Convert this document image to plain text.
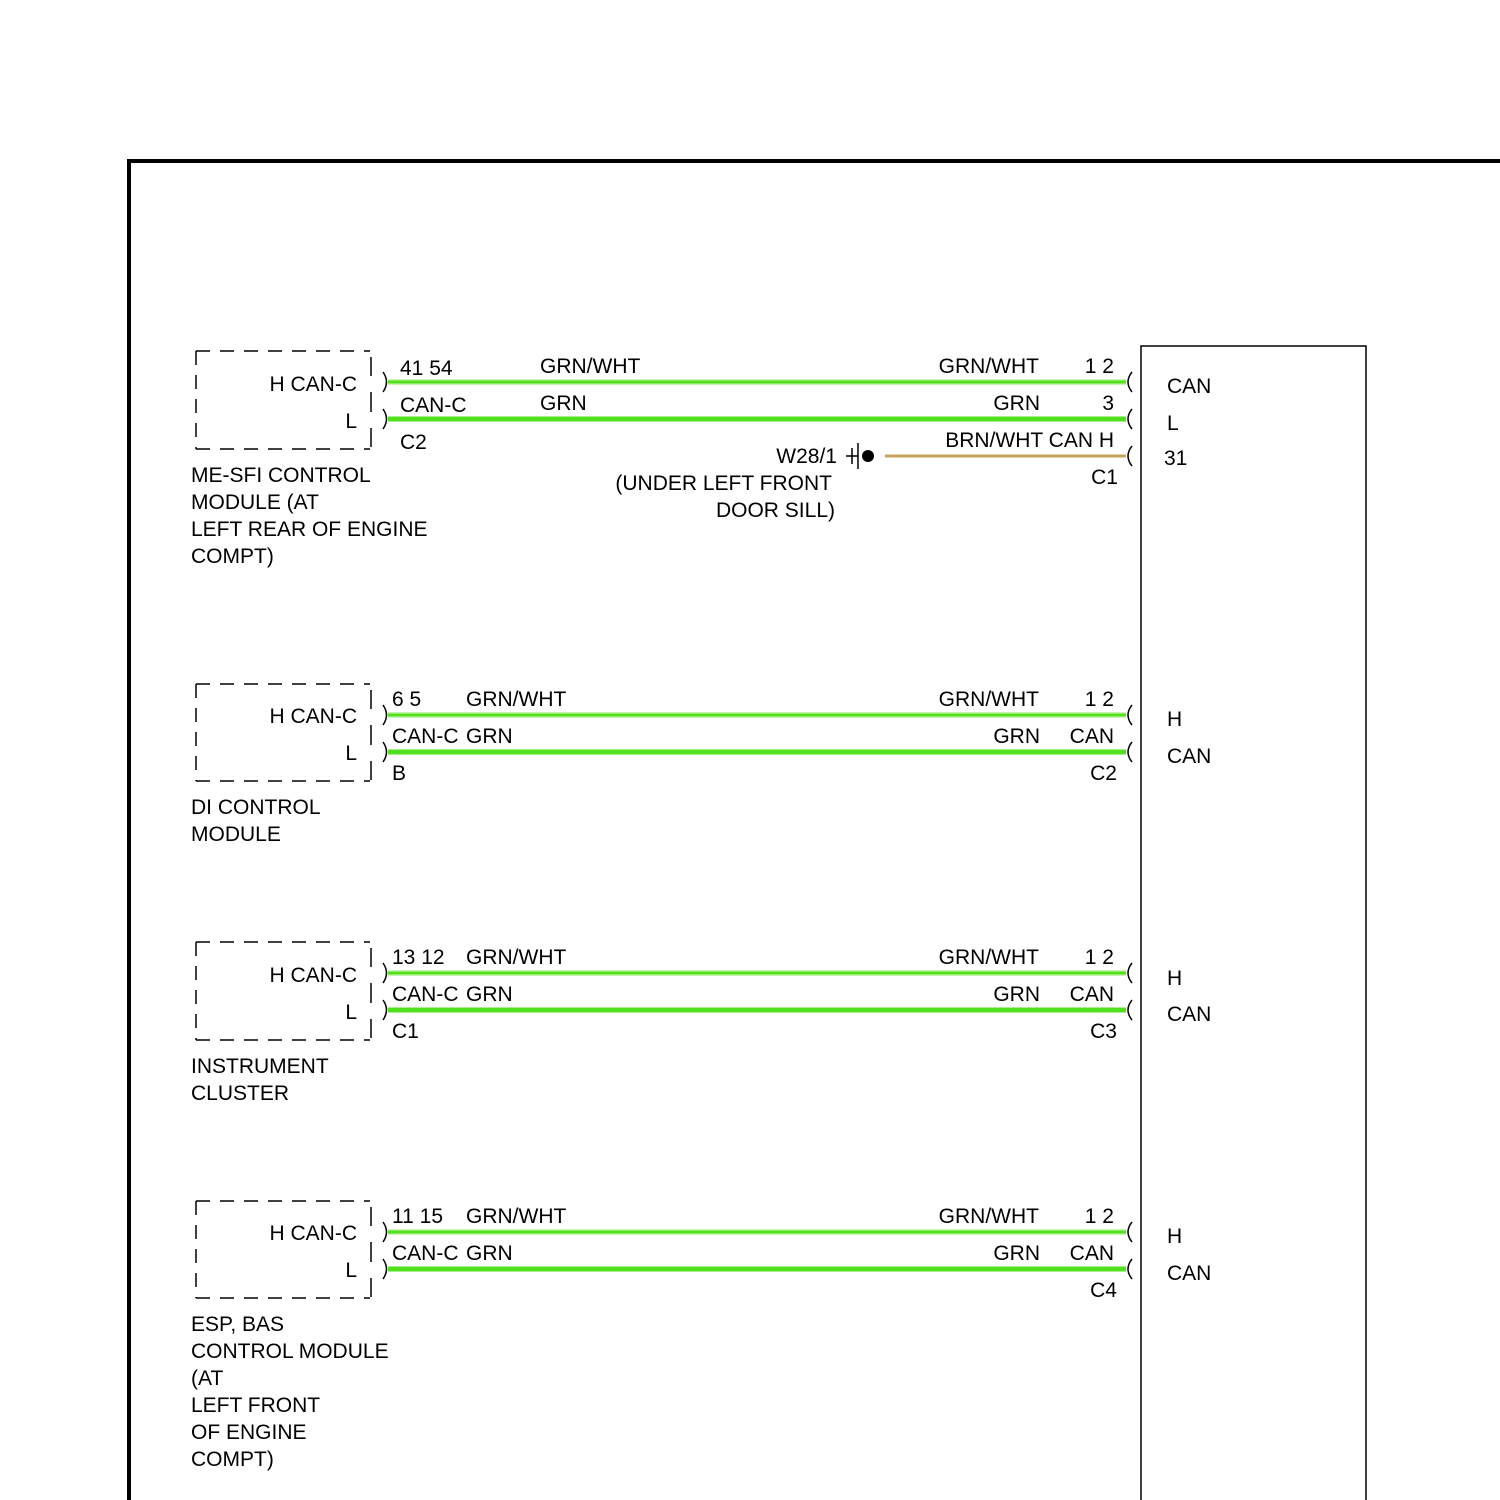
H CAN-C
L
41 54
CAN-C
C2
ME-SFI CONTROL
MODULE (AT
LEFT REAR OF ENGINE
COMPT)
GRN/WHT
GRN
GRN/WHT
GRN
1 2
3
C1
CAN
L
31
BRN/WHT CAN H
W28/1
(UNDER LEFT FRONT
DOOR SILL)
H CAN-C
L
6 5
CAN-C
B
DI CONTROL
MODULE
GRN/WHT
GRN
GRN/WHT
GRN
1 2
CAN
C2
H
CAN
H CAN-C
L
13 12
CAN-C
C1
INSTRUMENT
CLUSTER
GRN/WHT
GRN
GRN/WHT
GRN
1 2
CAN
C3
H
CAN
H CAN-C
L
11 15
CAN-C
ESP, BAS
CONTROL MODULE
(AT
LEFT FRONT
OF ENGINE
COMPT)
GRN/WHT
GRN
GRN/WHT
GRN
1 2
CAN
C4
H
CAN
